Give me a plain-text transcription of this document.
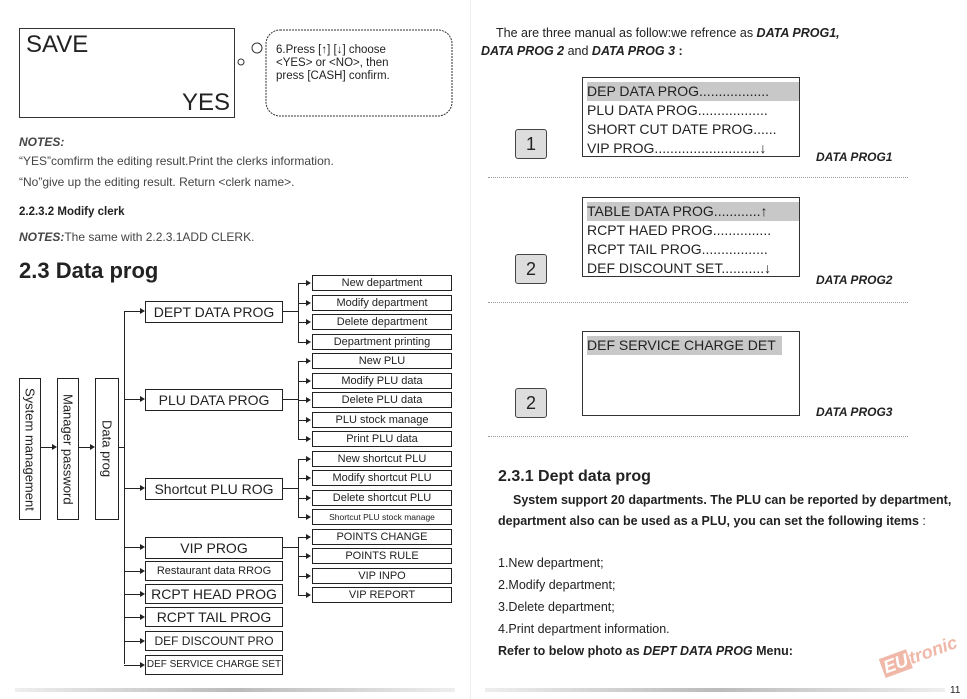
SAVE
YES
6.Press [↑] [↓] choose <YES> or <NO>, then press [CASH] confirm.
NOTES:
“YES”comfirm the editing result.Print the clerks information.
“No”give up the editing result. Return <clerk name>.
2.2.3.2 Modify clerk
NOTES:The same with 2.2.3.1ADD CLERK.
2.3 Data prog
System management Manager password Data prog
DEPT DATA PROG
PLU DATA PROG
Shortcut PLU ROG
VIP PROG
Restaurant data RROG
RCPT HEAD PROG
RCPT TAIL PROG
DEF DISCOUNT PRO
DEF SERVICE CHARGE SET
New department
Modify department
Delete department
Department printing
New PLU
Modify PLU data
Delete PLU data
PLU stock manage
Print PLU data
New shortcut PLU
Modify shortcut PLU
Delete shortcut PLU
Shortcut PLU stock manage
POINTS CHANGE
POINTS RULE
VIP INPO
VIP REPORT
The are three manual as follow:we refrence as DATA PROG1,
DATA PROG 2 and DATA PROG 3 :
DEP DATA PROG..................
PLU DATA PROG..................
SHORT CUT DATE PROG......
VIP PROG...........................↓
1
DATA PROG1
TABLE DATA PROG............↑
RCPT HAED PROG...............
RCPT TAIL PROG.................
DEF DISCOUNT SET...........↓
2
DATA PROG2
DEF SERVICE CHARGE DET
2	DATA PROG3
2.3.1 Dept data prog
System support 20 dapartments. The PLU can be reported by department, department also can be used as a PLU, you can set the following items :
1.New department;
2.Modify department;
3.Delete department;
4.Print department information.
Refer to below photo as DEPT DATA PROG Menu:	EUtronic
11
